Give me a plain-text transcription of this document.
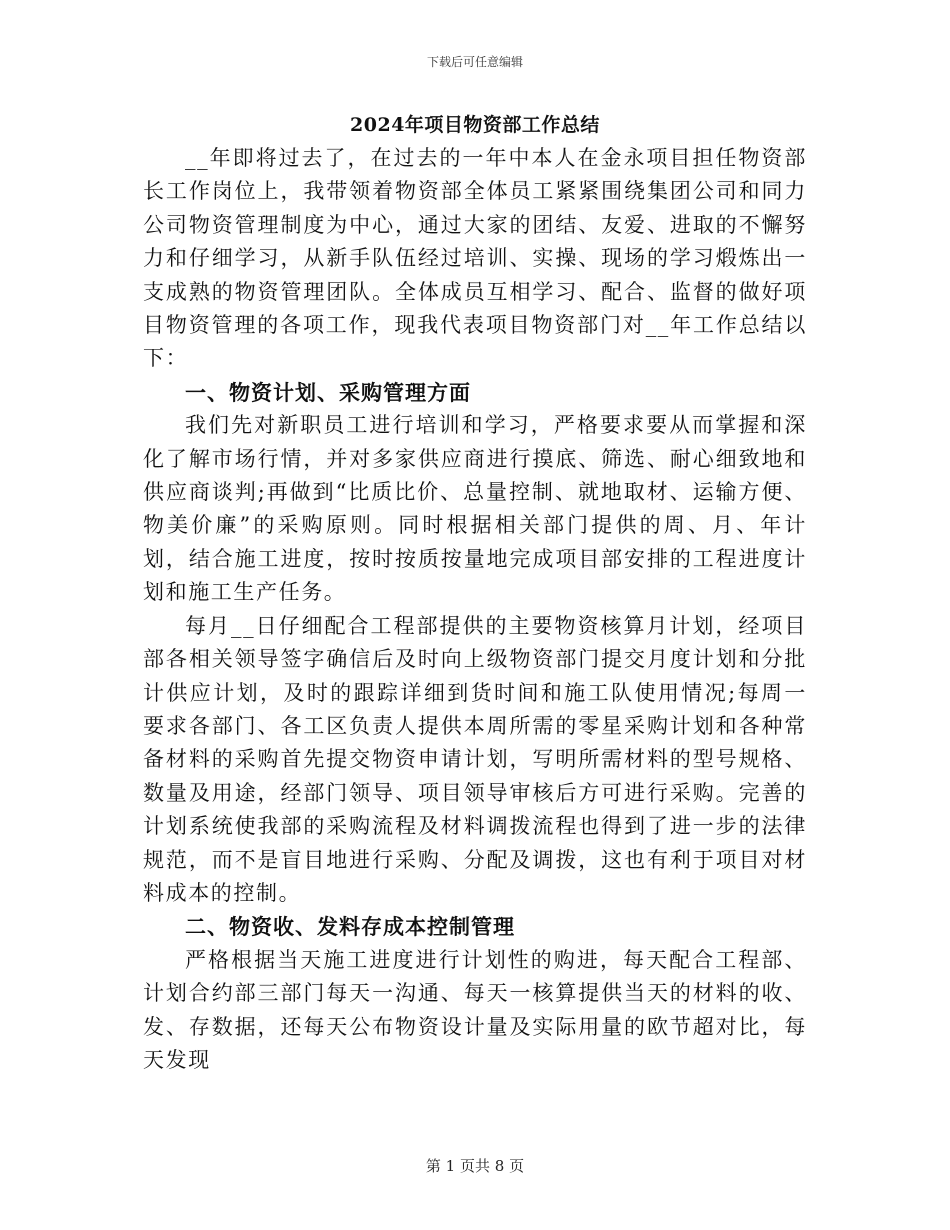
下载后可任意编辑
2024年项目物资部工作总结

__年即将过去了，在过去的一年中本人在金永项目担任物资部长工作岗位上，我带领着物资部全体员工紧紧围绕集团公司和同力公司物资管理制度为中心，通过大家的团结、友爱、进取的不懈努力和仔细学习，从新手队伍经过培训、实操、现场的学习煅炼出一支成熟的物资管理团队。全体成员互相学习、配合、监督的做好项目物资管理的各项工作，现我代表项目物资部门对__年工作总结以下：

一、物资计划、采购管理方面

我们先对新职员工进行培训和学习，严格要求要从而掌握和深化了解市场行情，并对多家供应商进行摸底、筛选、耐心细致地和供应商谈判;再做到“比质比价、总量控制、就地取材、运输方便、物美价廉”的采购原则。同时根据相关部门提供的周、月、年计划，结合施工进度，按时按质按量地完成项目部安排的工程进度计划和施工生产任务。

每月__日仔细配合工程部提供的主要物资核算月计划，经项目部各相关领导签字确信后及时向上级物资部门提交月度计划和分批计供应计划，及时的跟踪详细到货时间和施工队使用情况;每周一要求各部门、各工区负责人提供本周所需的零星采购计划和各种常备材料的采购首先提交物资申请计划，写明所需材料的型号规格、数量及用途，经部门领导、项目领导审核后方可进行采购。完善的计划系统使我部的采购流程及材料调拨流程也得到了进一步的法律规范，而不是盲目地进行采购、分配及调拨，这也有利于项目对材料成本的控制。

二、物资收、发料存成本控制管理

严格根据当天施工进度进行计划性的购进，每天配合工程部、计划合约部三部门每天一沟通、每天一核算提供当天的材料的收、发、存数据，还每天公布物资设计量及实际用量的欧节超对比，每天发现

第 1 页共 8 页
